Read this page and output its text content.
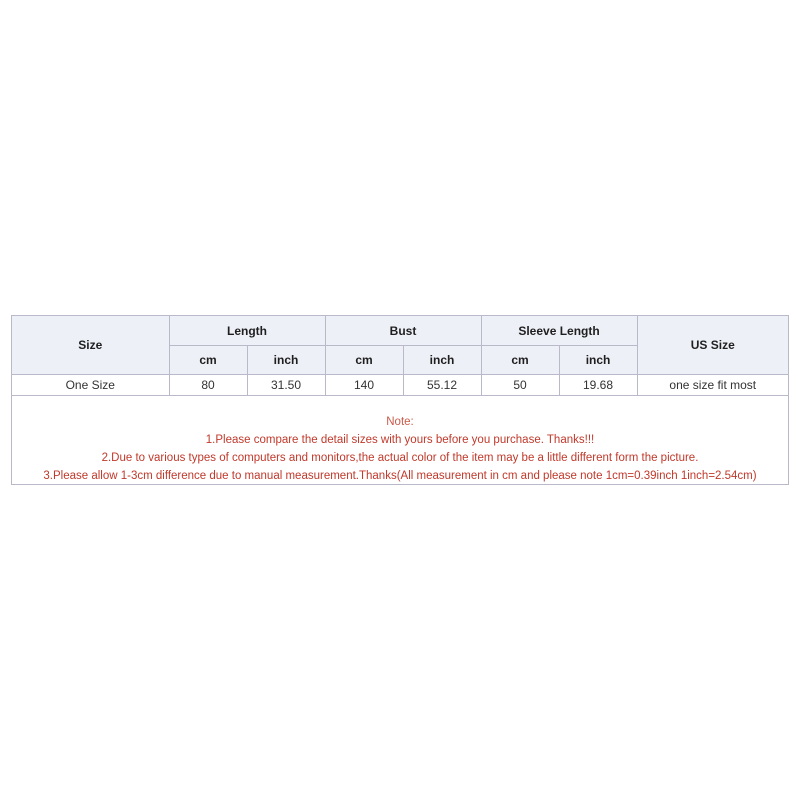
Size	Length		Bust		Sleeve Length		US Size
	cm	inch	cm	inch	cm	inch	
One Size	80	31.50	140	55.12	50	19.68	one size fit most
Note:
1.Please compare the detail sizes with yours before you purchase. Thanks!!!
2.Due to various types of computers and monitors,the actual color of the item may be a little different form the picture.
3.Please allow 1-3cm difference due to manual measurement.Thanks(All measurement in cm and please note 1cm=0.39inch 1inch=2.54cm)
